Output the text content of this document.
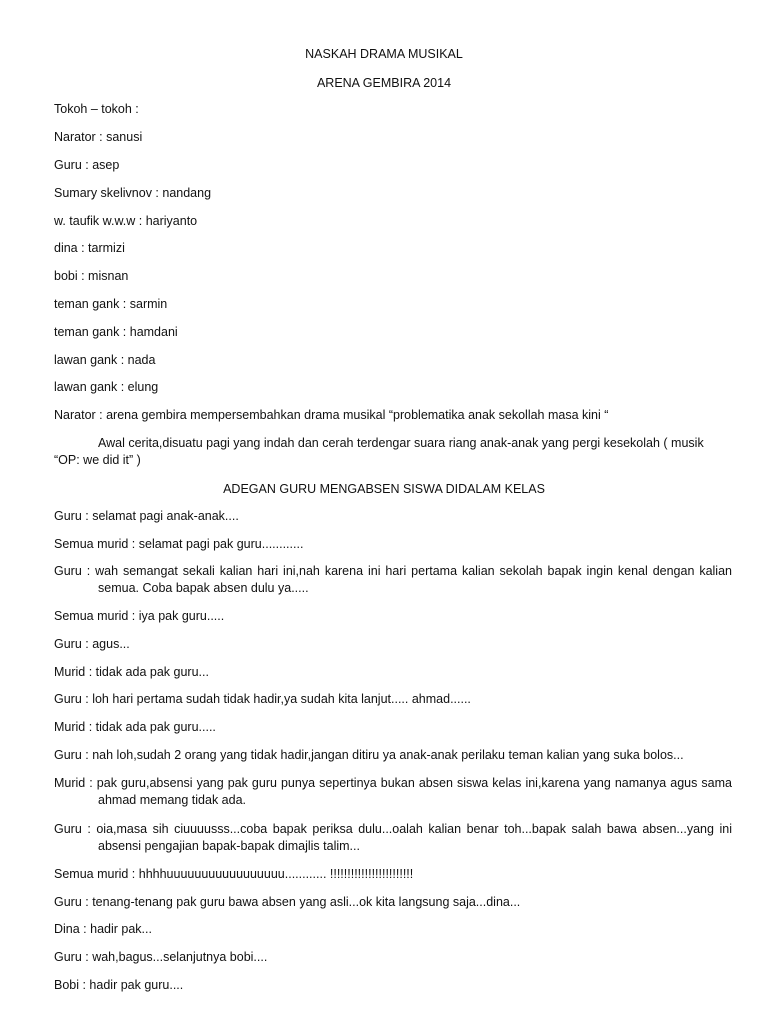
NASKAH DRAMA MUSIKAL
ARENA GEMBIRA 2014
Tokoh – tokoh :
Narator : sanusi
Guru : asep
Sumary skelivnov : nandang
w. taufik w.w.w : hariyanto
dina : tarmizi
bobi : misnan
teman gank : sarmin
teman gank : hamdani
lawan gank : nada
lawan gank : elung
Narator : arena gembira mempersembahkan drama musikal “problematika anak sekollah masa kini “
Awal cerita,disuatu pagi yang indah dan cerah terdengar suara riang anak-anak yang pergi kesekolah ( musik
“OP: we did it” )
ADEGAN GURU MENGABSEN SISWA DIDALAM KELAS
Guru : selamat pagi anak-anak....
Semua murid : selamat pagi pak guru............
Guru : wah semangat sekali kalian hari ini,nah karena ini hari pertama kalian sekolah bapak ingin kenal dengan kalian
semua. Coba bapak absen dulu ya.....
Semua murid : iya pak guru.....
Guru : agus...
Murid : tidak ada pak guru...
Guru : loh hari pertama sudah tidak hadir,ya sudah kita lanjut..... ahmad......
Murid : tidak ada pak guru.....
Guru : nah loh,sudah 2 orang yang tidak hadir,jangan ditiru ya anak-anak perilaku teman kalian yang suka bolos...
Murid : pak guru,absensi yang pak guru punya sepertinya bukan absen siswa kelas ini,karena yang namanya agus sama
ahmad memang tidak ada.
Guru : oia,masa sih ciuuuusss...coba bapak periksa dulu...oalah kalian benar toh...bapak salah bawa absen...yang ini
absensi pengajian bapak-bapak dimajlis talim...
Semua murid : hhhhuuuuuuuuuuuuuuuuu............ !!!!!!!!!!!!!!!!!!!!!!!!
Guru : tenang-tenang pak guru bawa absen yang asli...ok kita langsung saja...dina...
Dina : hadir pak...
Guru : wah,bagus...selanjutnya bobi....
Bobi : hadir pak guru....
